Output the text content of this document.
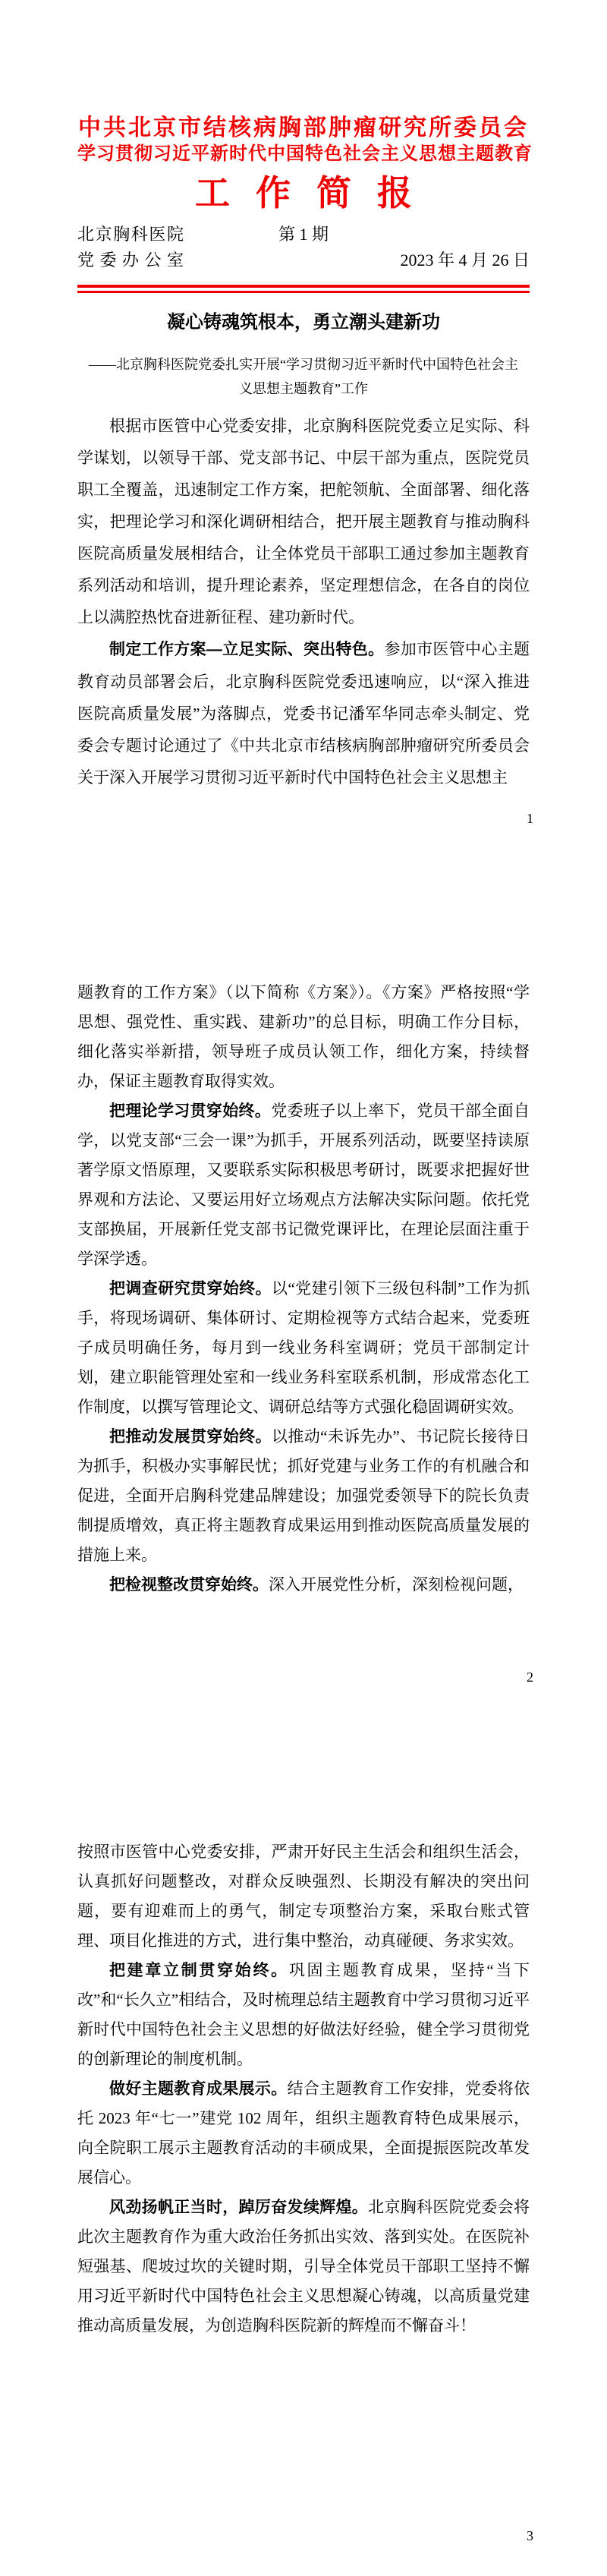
中共北京市结核病胸部肿瘤研究所委员会
学习贯彻习近平新时代中国特色社会主义思想主题教育
工作简报
北京胸科医院
党委办公室
第 1 期
2023 年 4 月 26 日
凝心铸魂筑根本，勇立潮头建新功
——北京胸科医院党委扎实开展“学习贯彻习近平新时代中国特色社会主
义思想主题教育”工作

根据市医管中心党委安排，北京胸科医院党委立足实际、科学谋划，以领导干部、党支部书记、中层干部为重点，医院党员职工全覆盖，迅速制定工作方案，把舵领航、全面部署、细化落实，把理论学习和深化调研相结合，把开展主题教育与推动胸科医院高质量发展相结合，让全体党员干部职工通过参加主题教育系列活动和培训，提升理论素养，坚定理想信念，在各自的岗位上以满腔热忱奋进新征程、建功新时代。

制定工作方案—立足实际、突出特色。参加市医管中心主题教育动员部署会后，北京胸科医院党委迅速响应，以“深入推进医院高质量发展”为落脚点，党委书记潘军华同志牵头制定、党委会专题讨论通过了《中共北京市结核病胸部肿瘤研究所委员会关于深入开展学习贯彻习近平新时代中国特色社会主义思想主

1

题教育的工作方案》（以下简称《方案》）。《方案》严格按照“学思想、强党性、重实践、建新功”的总目标，明确工作分目标，细化落实举新措，领导班子成员认领工作，细化方案，持续督办，保证主题教育取得实效。

把理论学习贯穿始终。党委班子以上率下，党员干部全面自学，以党支部“三会一课”为抓手，开展系列活动，既要坚持读原著学原文悟原理，又要联系实际积极思考研讨，既要求把握好世界观和方法论、又要运用好立场观点方法解决实际问题。依托党支部换届，开展新任党支部书记微党课评比，在理论层面注重于学深学透。

把调查研究贯穿始终。以“党建引领下三级包科制”工作为抓手，将现场调研、集体研讨、定期检视等方式结合起来，党委班子成员明确任务，每月到一线业务科室调研；党员干部制定计划，建立职能管理处室和一线业务科室联系机制，形成常态化工作制度，以撰写管理论文、调研总结等方式强化稳固调研实效。

把推动发展贯穿始终。以推动“未诉先办”、书记院长接待日为抓手，积极办实事解民忧；抓好党建与业务工作的有机融合和促进，全面开启胸科党建品牌建设；加强党委领导下的院长负责制提质增效，真正将主题教育成果运用到推动医院高质量发展的措施上来。

把检视整改贯穿始终。深入开展党性分析，深刻检视问题，

2

按照市医管中心党委安排，严肃开好民主生活会和组织生活会，认真抓好问题整改，对群众反映强烈、长期没有解决的突出问题，要有迎难而上的勇气，制定专项整治方案，采取台账式管理、项目化推进的方式，进行集中整治，动真碰硬、务求实效。

把建章立制贯穿始终。巩固主题教育成果，坚持“当下改”和“长久立”相结合，及时梳理总结主题教育中学习贯彻习近平新时代中国特色社会主义思想的好做法好经验，健全学习贯彻党的创新理论的制度机制。

做好主题教育成果展示。结合主题教育工作安排，党委将依托 2023 年“七一”建党 102 周年，组织主题教育特色成果展示，向全院职工展示主题教育活动的丰硕成果，全面提振医院改革发展信心。

风劲扬帆正当时，踔厉奋发续辉煌。北京胸科医院党委会将此次主题教育作为重大政治任务抓出实效、落到实处。在医院补短强基、爬坡过坎的关键时期，引导全体党员干部职工坚持不懈用习近平新时代中国特色社会主义思想凝心铸魂，以高质量党建推动高质量发展，为创造胸科医院新的辉煌而不懈奋斗！

3
